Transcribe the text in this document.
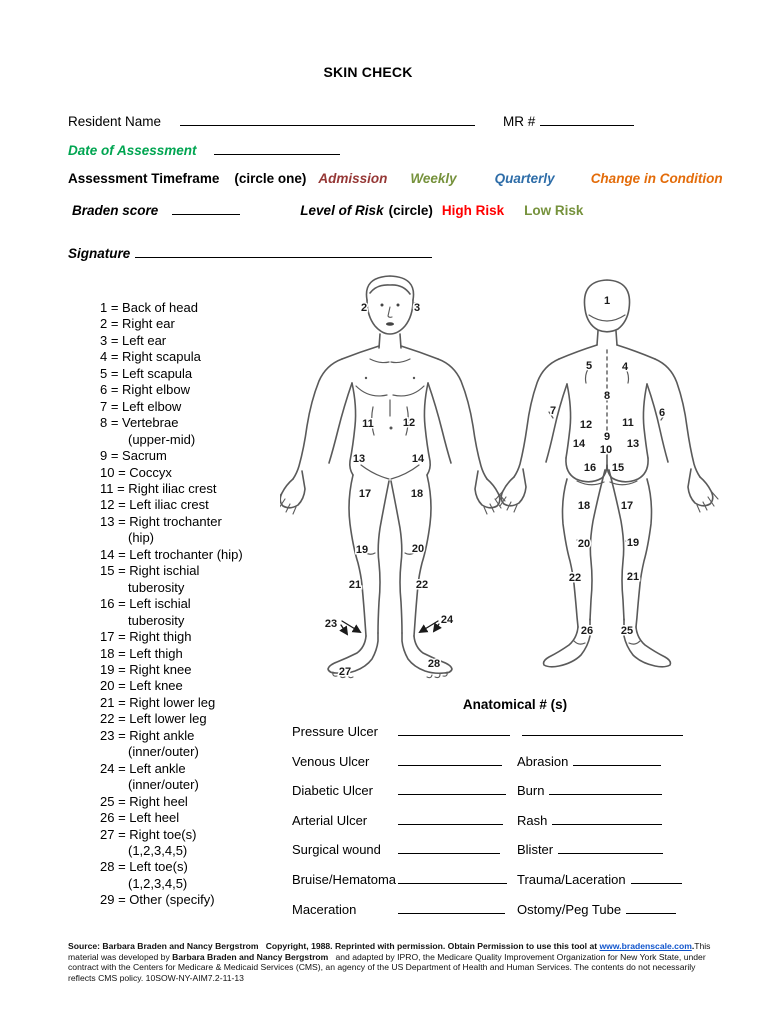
SKIN CHECK
Resident Name	MR #
Date of Assessment
Assessment Timeframe (circle one) Admission Weekly	Quarterly	Change in Condition
Braden score	Level of Risk (circle) High Risk Low Risk
Signature
1 = Back of head
2 = Right ear
3 = Left ear
4 = Right scapula
5 = Left scapula
6 = Right elbow
7 = Left elbow
8 = Vertebrae
(upper-mid)
9 = Sacrum
10 = Coccyx
11 = Right iliac crest
12 = Left iliac crest
13 = Right trochanter
(hip)
14 = Left trochanter (hip)
15 = Right ischial
tuberosity
16 = Left ischial
tuberosity
17 = Right thigh
18 = Left thigh
19 = Right knee
20 = Left knee
21 = Right lower leg
22 = Left lower leg
23 = Right ankle
(inner/outer)
24 = Left ankle
(inner/outer)
25 = Right heel
26 = Left heel
27 = Right toe(s)
(1,2,3,4,5)
28 = Left toe(s)
(1,2,3,4,5)
29 = Other (specify)
2	3
11	12
13	14
17	18
19	20
21	22
23	24
27
28
1
5	4
8
7	6
12	11
9
14	13
10
16 15
18	17
20	19
22	21
26	25
Anatomical # (s)
Pressure Ulcer
Venous Ulcer	Abrasion
Diabetic Ulcer	Burn
Arterial Ulcer	Rash
Surgical wound	Blister
Bruise/Hematoma	Trauma/Laceration
Maceration	Ostomy/Peg Tube
Source: Barbara Braden and Nancy Bergstrom   Copyright, 1988. Reprinted with permission. Obtain Permission to use this tool at www.bradenscale.com.This material was developed by Barbara Braden and Nancy Bergstrom   and adapted by IPRO, the Medicare Quality Improvement Organization for New York State, under contract with the Centers for Medicare & Medicaid Services (CMS), an agency of the US Department of Health and Human Services. The contents do not necessarily reflects CMS policy. 10SOW-NY-AIM7.2-11-13
